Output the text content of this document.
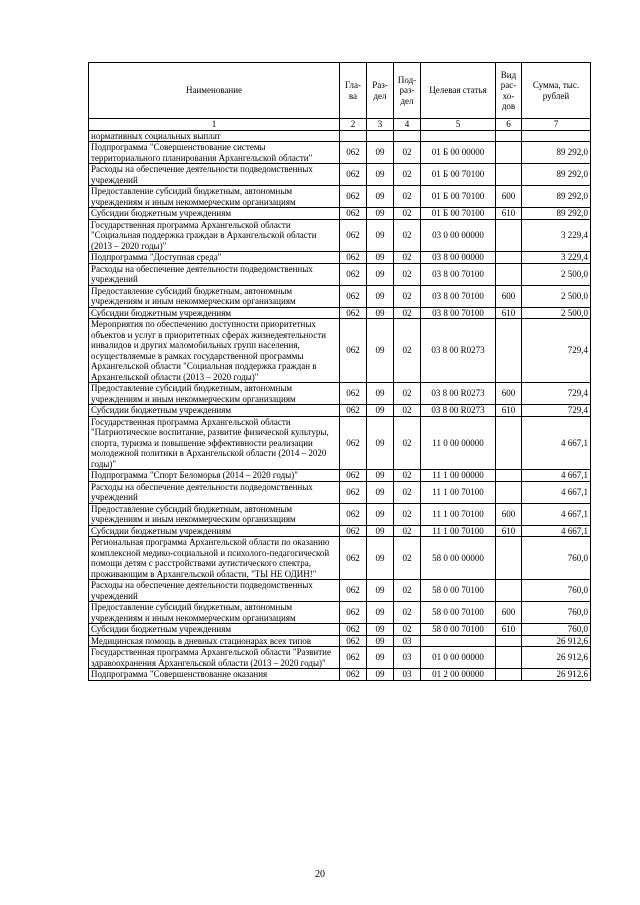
Наименование	Гла-ва	Раз-дел	Под-раз-дел	Целевая статья	Вид рас-хо-дов	Сумма, тыс. рублей
1	2	3	4	5	6	7
нормативных социальных выплат						
Подпрограмма "Совершенствование системы территориального планирования Архангельской области"	062	09	02	01 Б 00 00000		89 292,0
Расходы на обеспечение деятельности подведомственных учреждений	062	09	02	01 Б 00 70100		89 292,0
Предоставление субсидий бюджетным, автономным учреждениям и иным некоммерческим организациям	062	09	02	01 Б 00 70100	600	89 292,0
Субсидии бюджетным учреждениям	062	09	02	01 Б 00 70100	610	89 292,0
Государственная программа Архангельской области "Социальная поддержка граждан в Архангельской области (2013 – 2020 годы)"	062	09	02	03 0 00 00000		3 229,4
Подпрограмма "Доступная среда"	062	09	02	03 8 00 00000		3 229,4
Расходы на обеспечение деятельности подведомственных учреждений	062	09	02	03 8 00 70100		2 500,0
Предоставление субсидий бюджетным, автономным учреждениям и иным некоммерческим организациям	062	09	02	03 8 00 70100	600	2 500,0
Субсидии бюджетным учреждениям	062	09	02	03 8 00 70100	610	2 500,0
Мероприятия по обеспечению доступности приоритетных объектов и услуг в приоритетных сферах жизнедеятельности инвалидов и других маломобильных групп населения, осуществляемые в рамках государственной программы Архангельской области "Социальная поддержка граждан в Архангельской области (2013 – 2020 годы)"	062	09	02	03 8 00 R0273		729,4
Предоставление субсидий бюджетным, автономным учреждениям и иным некоммерческим организациям	062	09	02	03 8 00 R0273	600	729,4
Субсидии бюджетным учреждениям	062	09	02	03 8 00 R0273	610	729,4
Государственная программа Архангельской области "Патриотическое воспитание, развитие физической культуры, спорта, туризма и повышение эффективности реализации молодежной политики в Архангельской области (2014 – 2020 годы)"	062	09	02	11 0 00 00000		4 667,1
Подпрограмма "Спорт Беломорья (2014 – 2020 годы)"	062	09	02	11 1 00 00000		4 667,1
Расходы на обеспечение деятельности подведомственных учреждений	062	09	02	11 1 00 70100		4 667,1
Предоставление субсидий бюджетным, автономным учреждениям и иным некоммерческим организациям	062	09	02	11 1 00 70100	600	4 667,1
Субсидии бюджетным учреждениям	062	09	02	11 1 00 70100	610	4 667,1
Региональная программа Архангельской области по оказанию комплексной медико-социальной и психолого-педагогической помощи детям с расстройствами аутистического спектра, проживающим в Архангельской области, "ТЫ НЕ ОДИН!"	062	09	02	58 0 00 00000		760,0
Расходы на обеспечение деятельности подведомственных учреждений	062	09	02	58 0 00 70100		760,0
Предоставление субсидий бюджетным, автономным учреждениям и иным некоммерческим организациям	062	09	02	58 0 00 70100	600	760,0
Субсидии бюджетным учреждениям	062	09	02	58 0 00 70100	610	760,0
Медицинская помощь в дневных стационарах всех типов	062	09	03			26 912,6
Государственная программа Архангельской области "Развитие здравоохранения Архангельской области (2013 – 2020 годы)"	062	09	03	01 0 00 00000		26 912,6
Подпрограмма "Совершенствование оказания	062	09	03	01 2 00 00000		26 912,6
20
